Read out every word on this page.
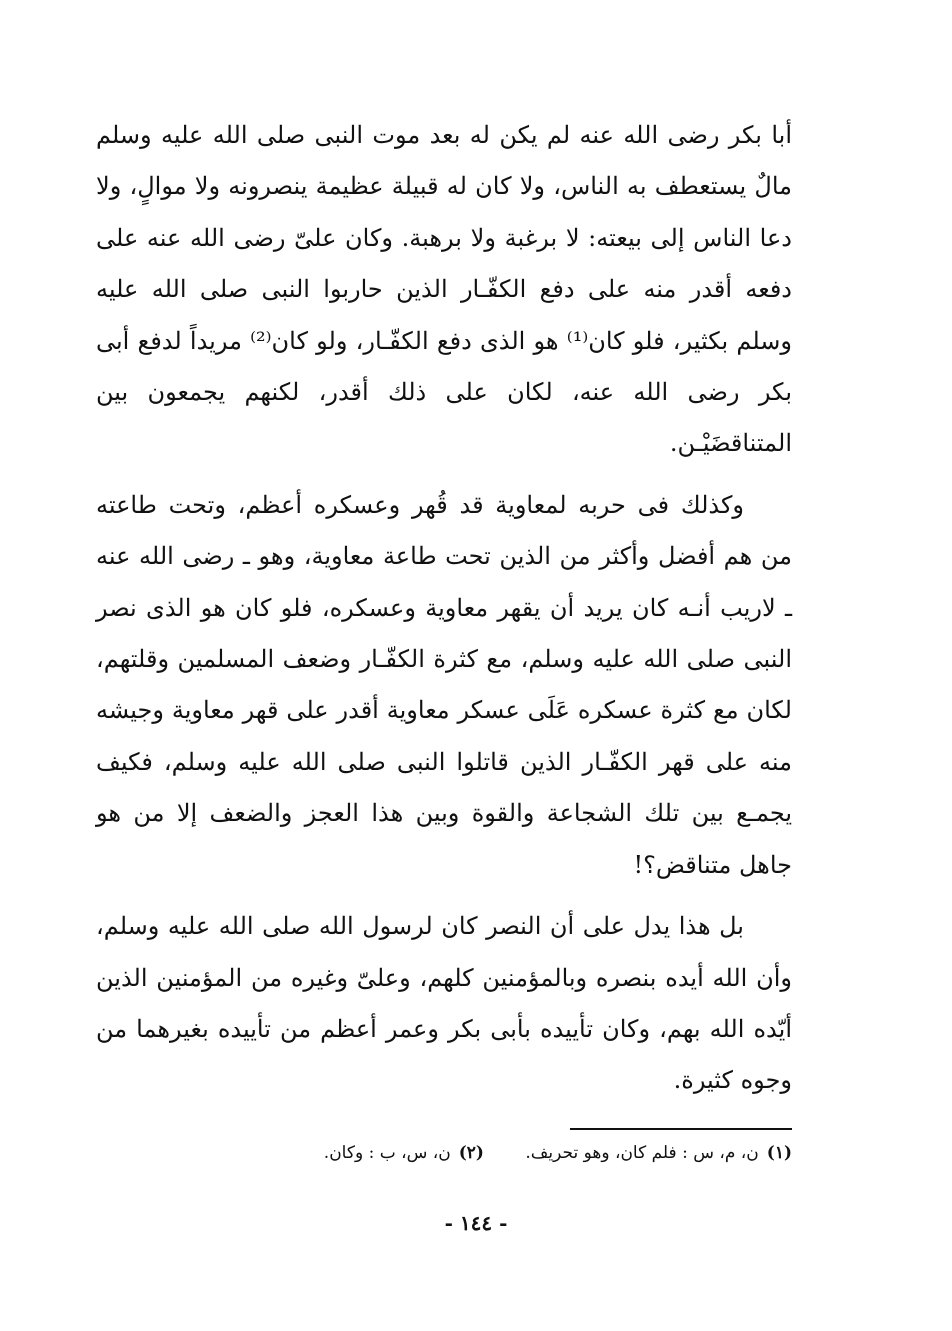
أبا بكر رضى الله عنه لم يكن له بعد موت النبى صلى الله عليه وسلم مالٌ يستعطف به الناس، ولا كان له قبيلة عظيمة ينصرونه ولا موالٍ، ولا دعا الناس إلى بيعته: لا برغبة ولا برهبة. وكان علىّ رضى الله عنه على دفعه أقدر منه على دفع الكفّـار الذين حاربوا النبى صلى الله عليه وسلم بكثير، فلو كان⁽¹⁾ هو الذى دفع الكفّـار، ولو كان⁽²⁾ مريداً لدفع أبى بكر رضى الله عنه، لكان على ذلك أقدر، لكنهم يجمعون بين المتناقضَيْـن.

وكذلك فى حربه لمعاوية قد قُهر وعسكره أعظم، وتحت طاعته من هم أفضل وأكثر من الذين تحت طاعة معاوية، وهو ـ رضى الله عنه ـ لاريب أنـه كان يريد أن يقهر معاوية وعسكره، فلو كان هو الذى نصر النبى صلى الله عليه وسلم، مع كثرة الكفّـار وضعف المسلمين وقلتهم، لكان مع كثرة عسكره عَلَى عسكر معاوية أقدر على قهر معاوية وجيشه منه على قهر الكفّـار الذين قاتلوا النبى صلى الله عليه وسلم، فكيف يجمـع بين تلك الشجاعة والقوة وبين هذا العجز والضعف إلا من هو جاهل متناقض؟!

بل هذا يدل على أن النصر كان لرسول الله صلى الله عليه وسلم، وأن الله أيده بنصره وبالمؤمنين كلهم، وعلىّ وغيره من المؤمنين الذين أيّده الله بهم، وكان تأييده بأبى بكر وعمر أعظم من تأييده بغيرهما من وجوه كثيرة.

(١)ن، م، س : فلم كان، وهو تحريف. (٢)ن، س، ب : وكان.
- ١٤٤ -
